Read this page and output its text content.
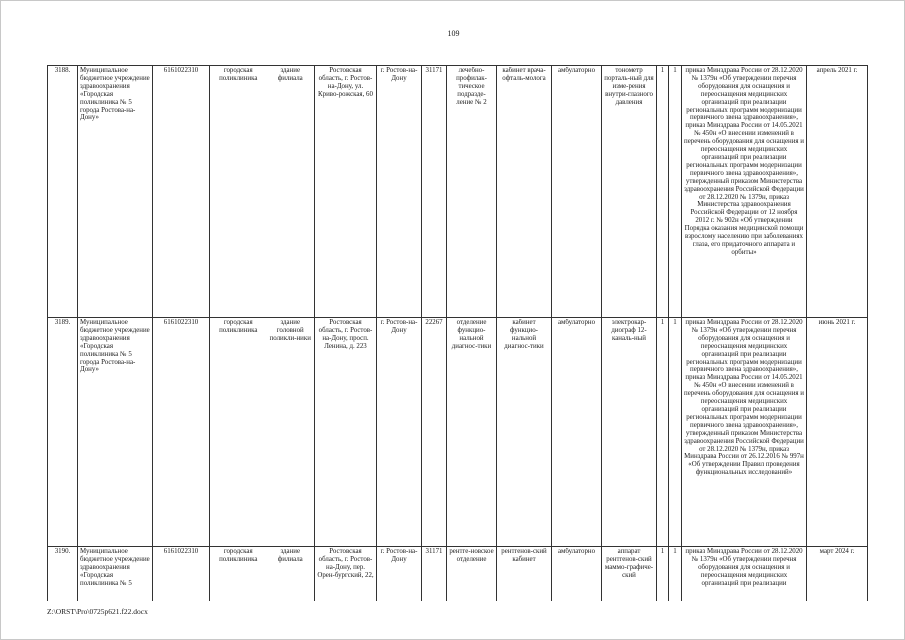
109
3188.	Муниципальное бюджетное учреждение здравоохранения «Городская поликлиника № 5 города Ростова-на-Дону»	6161022310	городская поликлиника	здание филиала	Ростовская область, г. Ростов-на-Дону, ул. Криво-рожская, 60	г. Ростов-на-Дону	31171	лечебно-профилак-тическое подразде-ление № 2	кабинет врача-офталь-молога	амбулаторно	тонометр порталь-ный для изме-рения внутри-глазного давления	1	1	приказ Минздрава России от 28.12.2020 № 1379н «Об утверждении перечня оборудования для оснащения и переоснащения медицинских организаций при реализации региональных программ модернизации первичного звена здравоохранения», приказ Минздрава России от 14.05.2021 № 450н «О внесении изменений в перечень оборудования для оснащения и переоснащения медицинских организаций при реализации региональных программ модернизации первичного звена здравоохранения», утвержденный приказом Министерства здравоохранения Российской Федерации от 28.12.2020 № 1379н, приказ Министерства здравоохранения Российской Федерации от 12 ноября 2012 г. № 902н «Об утверждении Порядка оказания медицинской помощи взрослому населению при заболеваниях глаза, его придаточного аппарата и орбиты»	апрель 2021 г.

3189.	Муниципальное бюджетное учреждение здравоохранения «Городская поликлиника № 5 города Ростова-на-Дону»	6161022310	городская поликлиника	здание головной поликли-ники	Ростовская область, г. Ростов-на-Дону, просп. Ленина, д. 223	г. Ростов-на-Дону	22267	отделение функцио-нальной диагнос-тики	кабинет функцио-нальной диагнос-тики	амбулаторно	электрокар-диограф 12-каналь-ный	1	1	приказ Минздрава России от 28.12.2020 № 1379н «Об утверждении перечня оборудования для оснащения и переоснащения медицинских организаций при реализации региональных программ модернизации первичного звена здравоохранения», приказ Минздрава России от 14.05.2021 № 450н «О внесении изменений в перечень оборудования для оснащения и переоснащения медицинских организаций при реализации региональных программ модернизации первичного звена здравоохранения», утвержденный приказом Министерства здравоохранения Российской Федерации от 28.12.2020 № 1379н, приказ Минздрава России от 26.12.2016 № 997н «Об утверждении Правил проведения функциональных исследований»	июнь 2021 г.

3190.	Муниципальное бюджетное учреждение здравоохранения «Городская поликлиника № 5	6161022310	городская поликлиника	здание филиала	Ростовская область, г. Ростов-на-Дону, пер. Орен-бургский, 22,	г. Ростов-на-Дону	31171	рентге-новское отделение	рентгенов-ский кабинет	амбулаторно	аппарат рентгенов-ский маммо-графиче-ский	1	1	приказ Минздрава России от 28.12.2020 № 1379н «Об утверждении перечня оборудования для оснащения и переоснащения медицинских организаций при реализации	март 2024 г.
Z:\ORST\Pro\0725p621.f22.docx
